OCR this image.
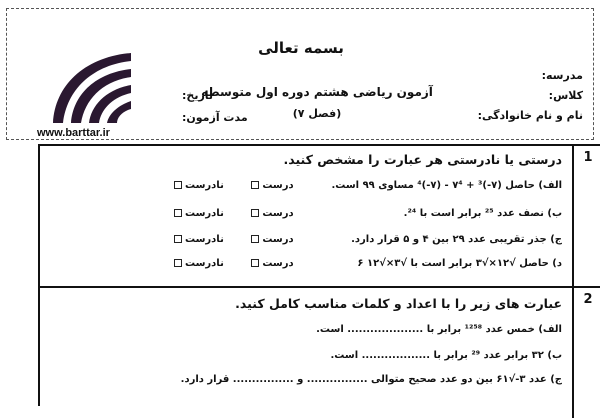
بسمه تعالی
آزمون ریاضی هشتم دوره اول متوسطه
(فصل ۷)
مدرسه:
کلاس:
نام و نام خانوادگی:
تاریخ:
مدت آزمون:
www.barttar.ir
1
درستی یا نادرستی هر عبارت را مشخص کنید.
الف) حاصل (۷-)³ + ۷⁴ - (۷-)⁴ مساوی ۹۹ است.
درست نادرست
ب) نصف عدد ²⁵ برابر است با ²⁴.
درست نادرست
ج) جذر تقریبی عدد ۲۹ بین ۴ و ۵ قرار دارد.
درست نادرست
د) حاصل √۱۲×√۳ برابر است با √۳×√۱۲ ۶
درست نادرست
2
عبارت های زیر را با اعداد و کلمات مناسب کامل کنید.
الف) خمس عدد ¹²⁵⁸ برابر با .................... است.
ب) ۳۲ برابر عدد ²⁹ برابر با .................. است.
ج) عدد ۳-√۶۱ بین دو عدد صحیح متوالی ................ و ................ قرار دارد.
